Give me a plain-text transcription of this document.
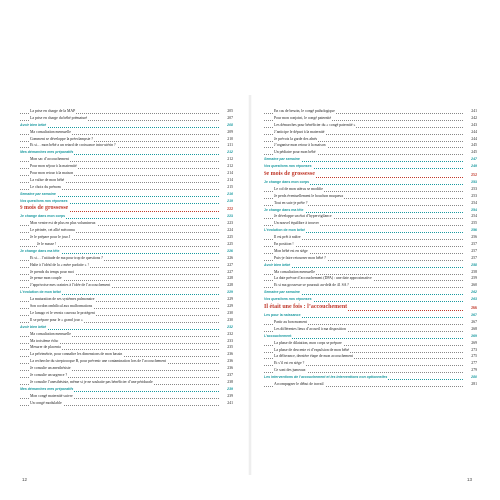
La prise en charge de la MAP	205
La prise en charge du bébé prématuré	207
Avoir bien bébé	208
Ma consultation mensuelle	209
Comment se développe la préeclampsie ?	210
Et si… mon bébé a un retard de croissance intra-utérin ?	211
Mes démarches mes préparatifs	212
Mon sac d’accouchement	212
Pour mon séjour à la maternité	212
Pour mon retour à la maison	214
La valise de mon bébé	214
Le choix du prénom	215
Semaine par semaine	216
Vos questions nos réponses	219
9 mois de grossesse	222
Je change dans mon corps	223
Mon ventre est de plus en plus volumineux	223
Le périnée, cet allié méconnu	224
Je le prépare pour le jour J	225
Je le masse !	225
Je change dans ma tête	226
Et si… l’attitude de ma pour trop de questions ?	226
Halte à l’idéal de la « mère parfaite » !	227
Je prends du temps pour moi	227
Je pense mon couple	228
J’apprivoise mes craintes à l’idée de l’accouchement	228
L’évolution de mon bébé	229
La maturation de ses systèmes pulmonaire	229
Son cordon ombilical aux malformations	229
Le lanugo et le vernix caseosa le protègent	230
Il se prépare pour le « grand jour »	230
Avoir bien bébé	232
Ma consultation mensuelle	232
Ma troisième écho	233
Mesurer de placenta	235
La pelvimétrie, pour connaître les dimensions de mon bassin	236
La recherche du streptocoque B, pour prévenir une contamination lors de l’accouchement	236
Je consulte un anesthésiste	236
Je consulte un urgence ?	237
Je consulte l’anesthésiste, même si je ne souhaite pas bénéficier d’une péridurale	238
Mes démarches mes préparatifs	239
Mon congé maternité suivre	239
Un congé modulable	241
En cas de besoin, le congé pathologique	241
Pour mon conjoint, le congé paternité	242
Les démarches pour bénéficier du « congé paternité »	243
J’anticipe le départ à la maternité	244
Je prévois la garde des aînés	244
J’organise mon retour à la maison	245
Un pédiatre pour mon bébé	245
Semaine par semaine	247
Vos questions nos réponses	249
9e mois de grossesse	252
Je change dans mon corps	253
Le col de mon utérus se modifie	253
Je perds éventuellement le bouchon muqueux	253
Tout en suis-je prête ?	254
Je change dans ma tête	254
Je développe un état d’hypervigilance	254
Un nouvel équilibre à trouver	255
L’évolution de mon bébé	256
Il est prêt à naître	256
En position !	257
Mon bébé est en siège	257
Puis-je faire retourner mon bébé ?	257
Avoir bien bébé	258
Ma consultation mensuelle	258
La date prévue d’accouchement (DPA) : une date approximative	259
Et si ma grossesse se poursuit au-delà de 41 SA ?	260
Semaine par semaine	262
Vos questions nos réponses	263
Il était une fois : l’accouchement	266
Les pour la naissance	267
Partir au bon moment	267
Les différentes lieux d’accueil à ma disposition	268
L’accouchement	269
La phase de dilatation, mon corps se prépare	269
La phase de descente et d’expulsion de mon bébé	273
La délivrance, dernière étape de mon accouchement	275
Et s’il est en siège ?	277
Ce sont des jumeaux	279
Les interventions de l’accouchement et les interventions non optionnelles	280
Accompagner le début de travail	281
12	13
